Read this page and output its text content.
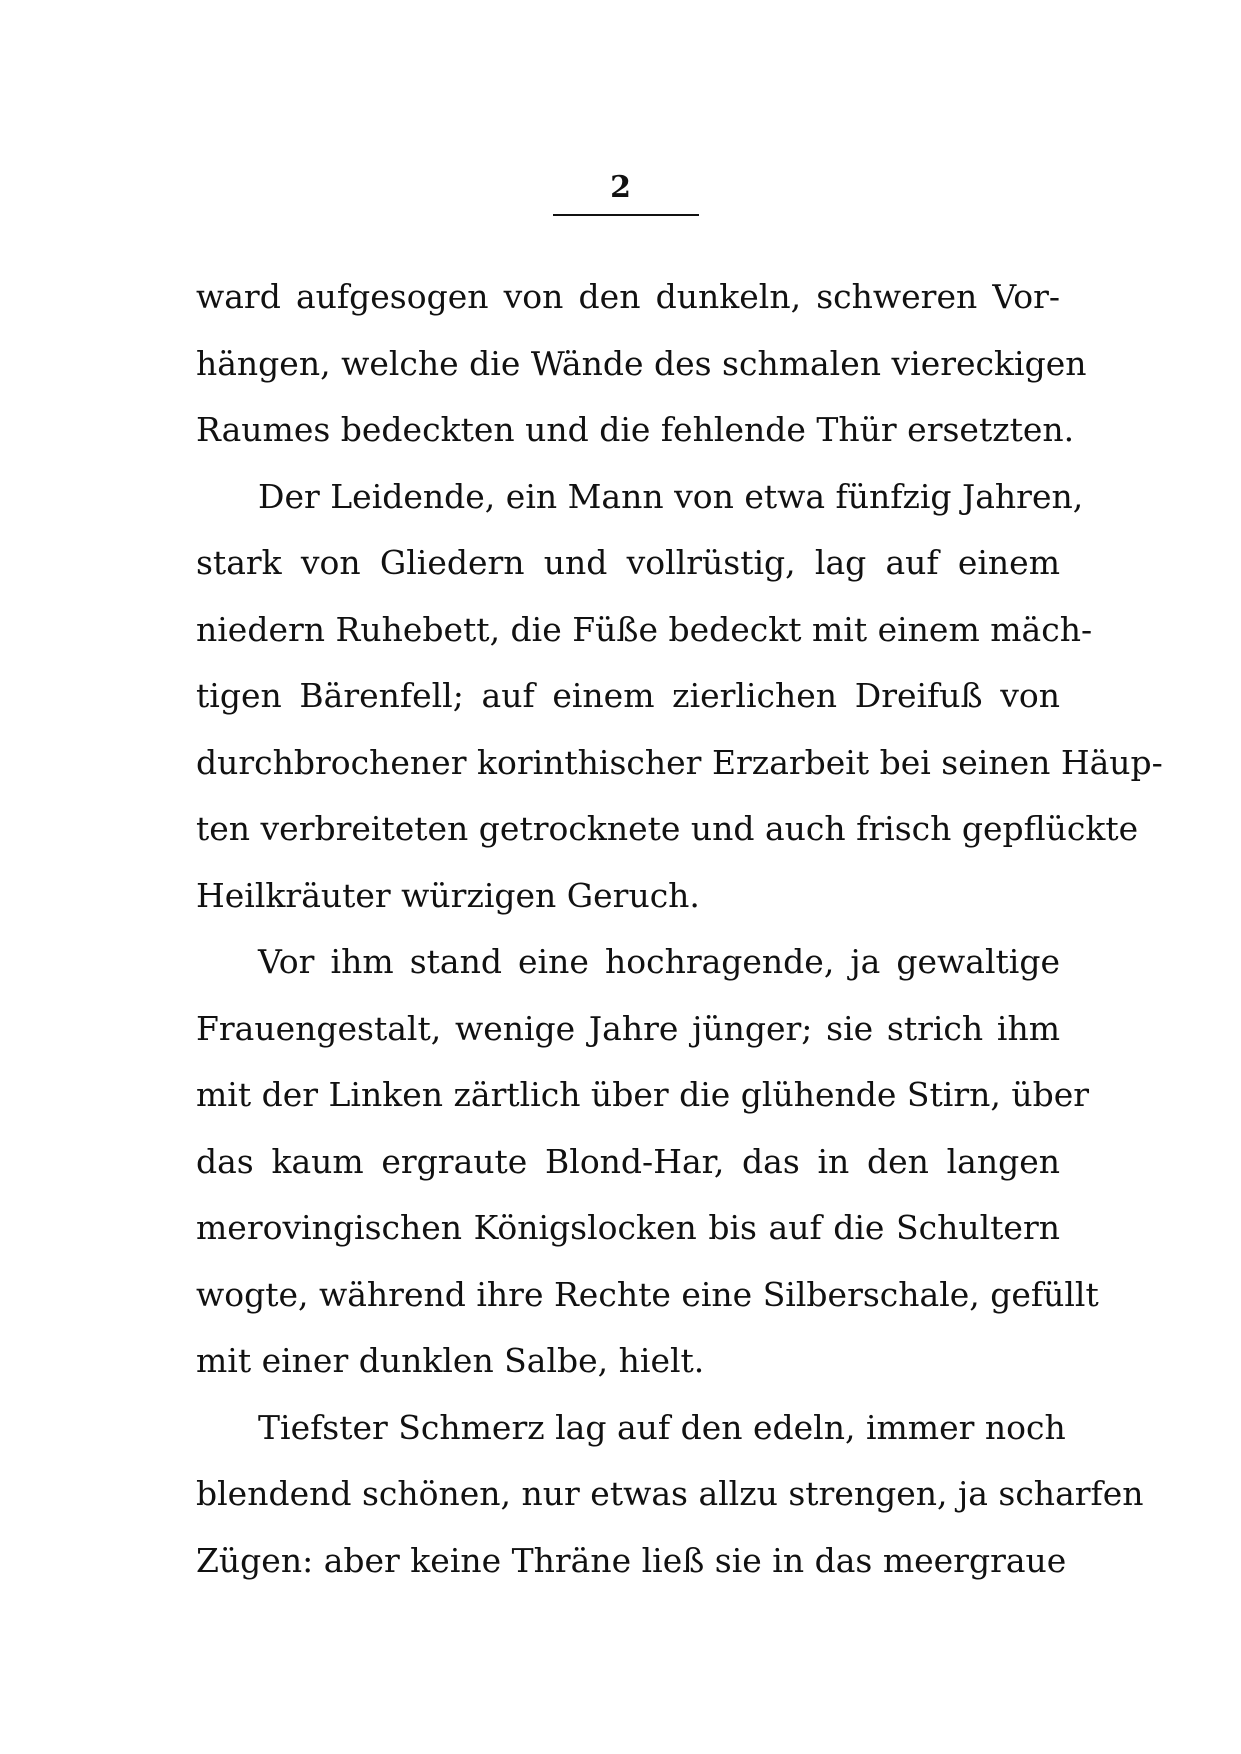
2
ward aufgesogen von den dunkeln, schweren Vor-
hängen, welche die Wände des schmalen viereckigen
Raumes bedeckten und die fehlende Thür ersetzten.
Der Leidende, ein Mann von etwa fünfzig Jahren,
stark von Gliedern und vollrüstig, lag auf einem
niedern Ruhebett, die Füße bedeckt mit einem mäch-
tigen Bärenfell; auf einem zierlichen Dreifuß von
durchbrochener korinthischer Erzarbeit bei seinen Häup-
ten verbreiteten getrocknete und auch frisch gepflückte
Heilkräuter würzigen Geruch.
Vor ihm stand eine hochragende, ja gewaltige
Frauengestalt, wenige Jahre jünger; sie strich ihm
mit der Linken zärtlich über die glühende Stirn, über
das kaum ergraute Blond-Har, das in den langen
merovingischen Königslocken bis auf die Schultern
wogte, während ihre Rechte eine Silberschale, gefüllt
mit einer dunklen Salbe, hielt.
Tiefster Schmerz lag auf den edeln, immer noch
blendend schönen, nur etwas allzu strengen, ja scharfen
Zügen: aber keine Thräne ließ sie in das meergraue
